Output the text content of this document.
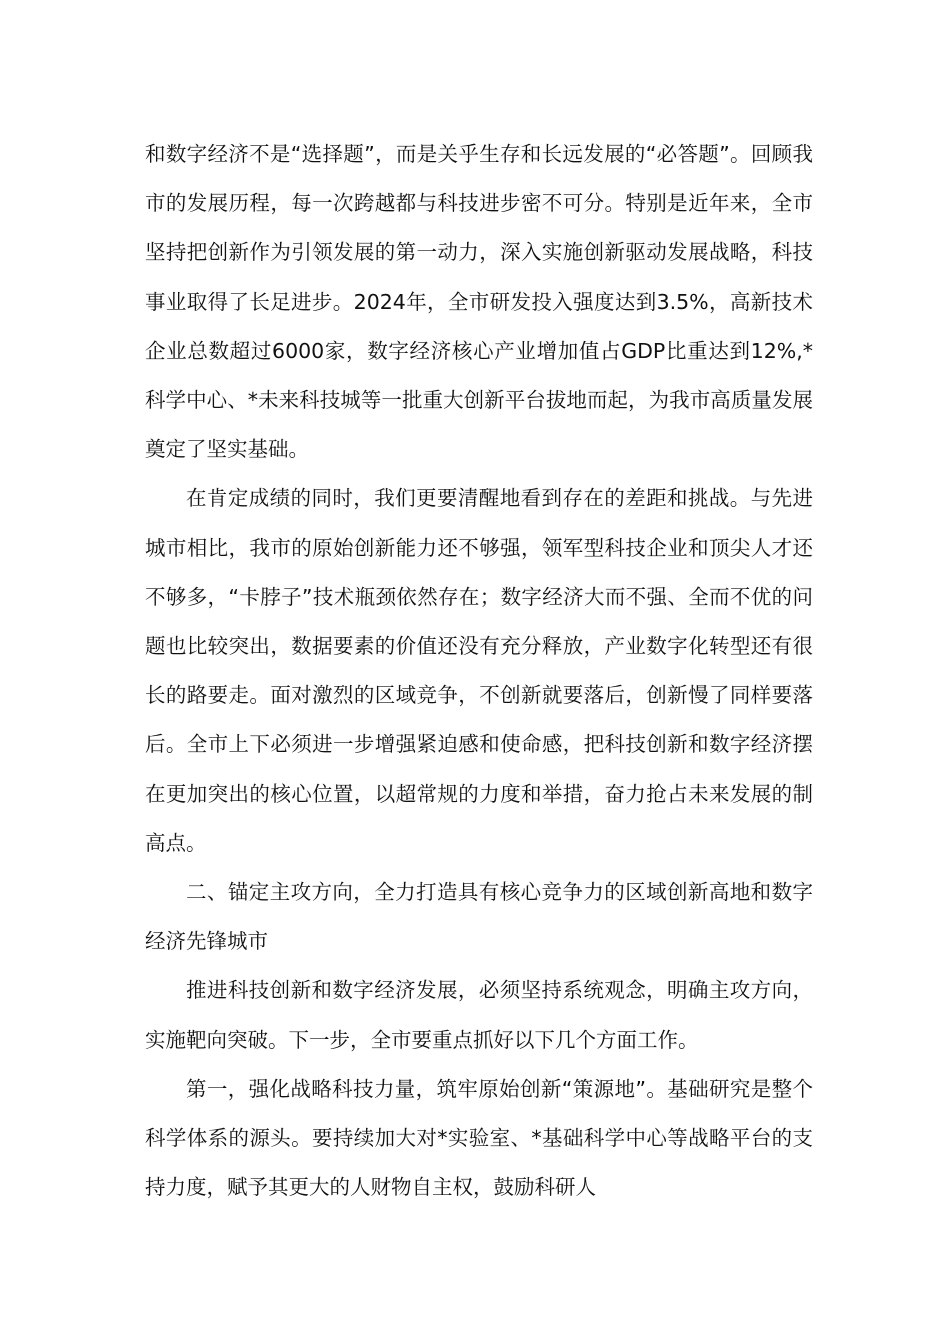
和数字经济不是“选择题”，而是关乎生存和长远发展的“必答题”。回顾我市的发展历程，每一次跨越都与科技进步密不可分。特别是近年来，全市坚持把创新作为引领发展的第一动力，深入实施创新驱动发展战略，科技事业取得了长足进步。2024年，全市研发投入强度达到3.5%，高新技术企业总数超过6000家，数字经济核心产业增加值占GDP比重达到12%,*科学中心、*未来科技城等一批重大创新平台拔地而起，为我市高质量发展奠定了坚实基础。

在肯定成绩的同时，我们更要清醒地看到存在的差距和挑战。与先进城市相比，我市的原始创新能力还不够强，领军型科技企业和顶尖人才还不够多，“卡脖子”技术瓶颈依然存在；数字经济大而不强、全而不优的问题也比较突出，数据要素的价值还没有充分释放，产业数字化转型还有很长的路要走。面对激烈的区域竞争，不创新就要落后，创新慢了同样要落后。全市上下必须进一步增强紧迫感和使命感，把科技创新和数字经济摆在更加突出的核心位置，以超常规的力度和举措，奋力抢占未来发展的制高点。

二、锚定主攻方向，全力打造具有核心竞争力的区域创新高地和数字经济先锋城市

推进科技创新和数字经济发展，必须坚持系统观念，明确主攻方向，实施靶向突破。下一步，全市要重点抓好以下几个方面工作。

第一，强化战略科技力量，筑牢原始创新“策源地”。基础研究是整个科学体系的源头。要持续加大对*实验室、*基础科学中心等战略平台的支持力度，赋予其更大的人财物自主权，鼓励科研人
